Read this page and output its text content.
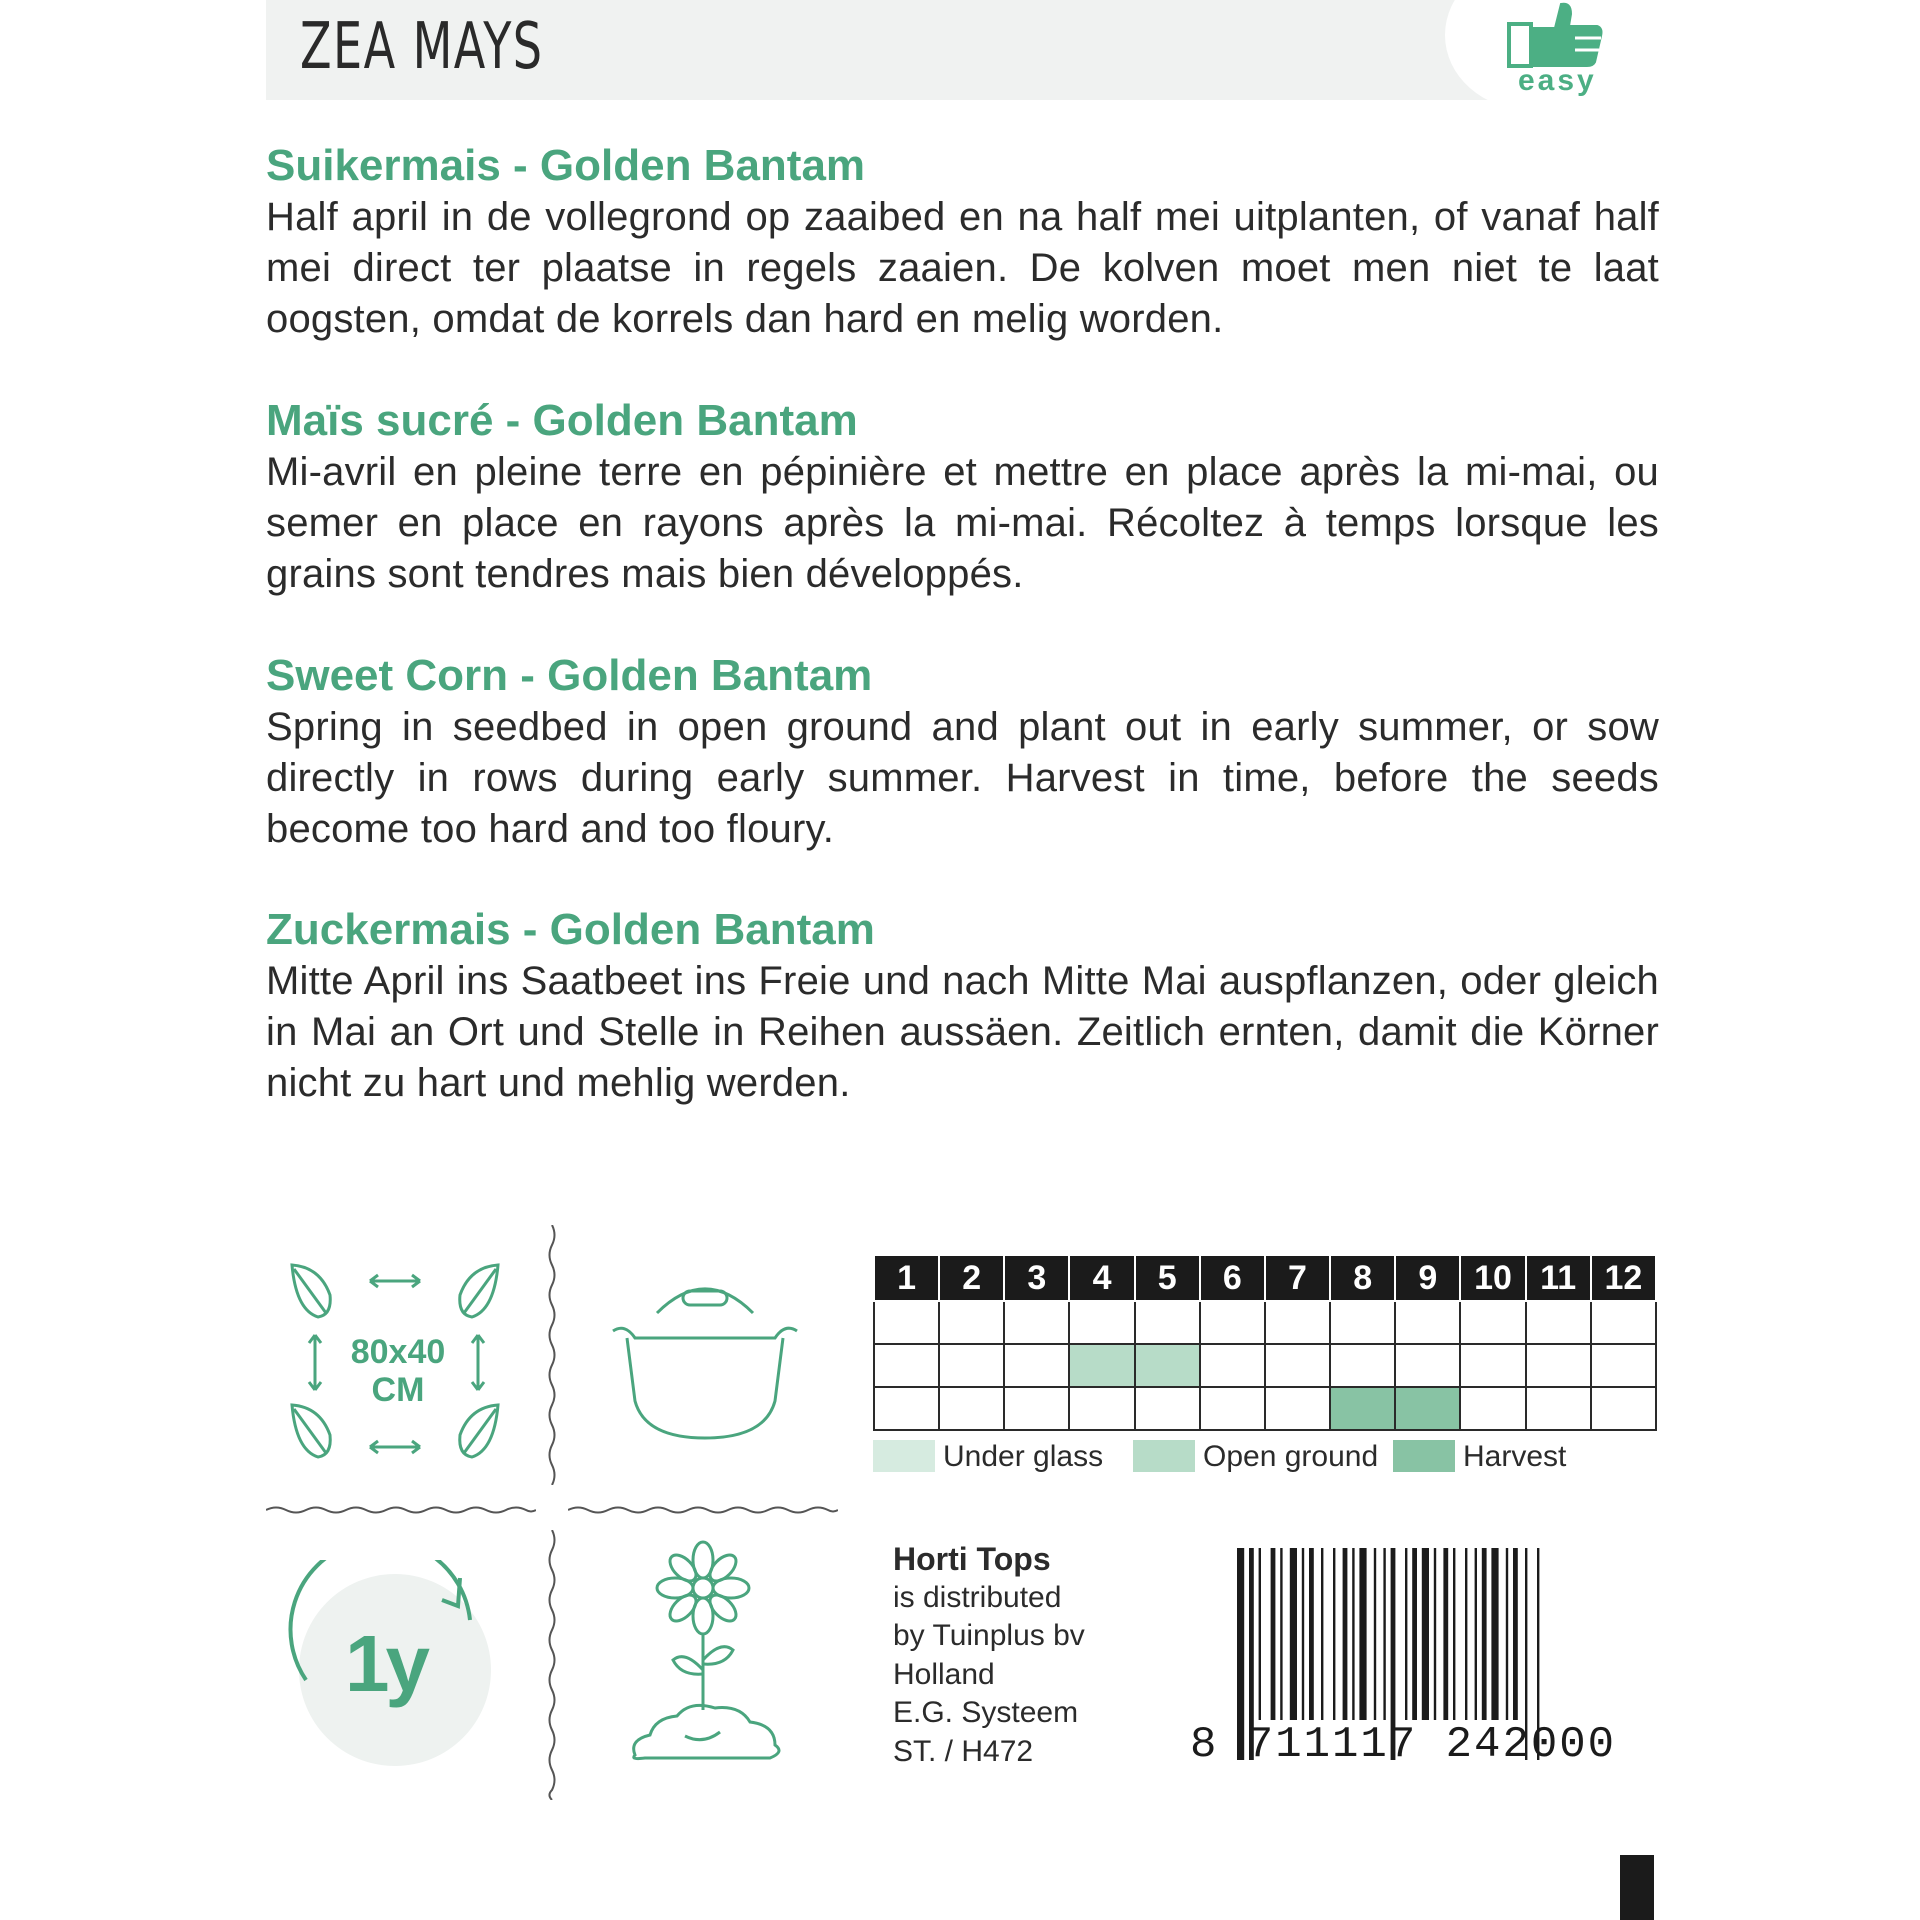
ZEA MAYS	easy
Suikermais - Golden Bantam

Half april in de vollegrond op zaaibed en na half mei uitplanten, of vanaf half mei direct ter plaatse in regels zaaien. De kolven moet men niet te laat oogsten, omdat de korrels dan hard en melig worden.

Maïs sucré - Golden Bantam

Mi-avril en pleine terre en pépinière et mettre en place après la mi-mai, ou semer en place en rayons après la mi-mai. Récoltez à temps lorsque les grains sont tendres mais bien développés.

Sweet Corn - Golden Bantam

Spring in seedbed in open ground and plant out in early summer, or sow directly in rows during early summer. Harvest in time, before the seeds become too hard and too floury.

Zuckermais - Golden Bantam

Mitte April ins Saatbeet ins Freie und nach Mitte Mai auspflanzen, oder gleich in Mai an Ort und Stelle in Reihen aussäen. Zeitlich ernten, damit die Körner nicht zu hart und mehlig werden.

80x40
CM
1y
1	2	3	4	5	6	7	8	9	10	11	12

Under glass	Open ground	Harvest
Horti Tops
is distributed
by Tuinplus bv
Holland
E.G. Systeem
ST. / H472	8 711117 242000
